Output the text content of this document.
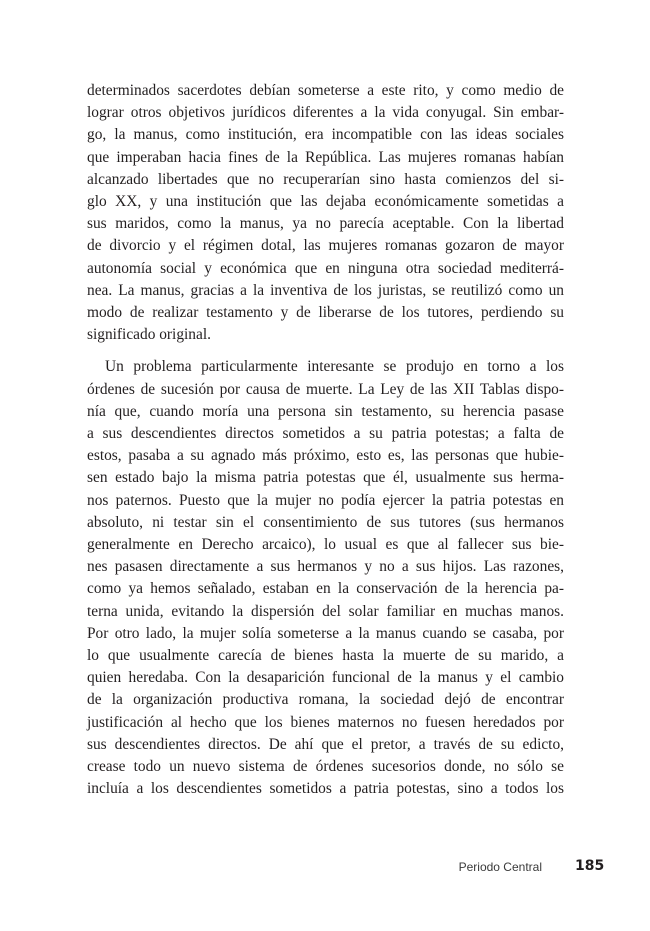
determinados sacerdotes debían someterse a este rito, y como medio de
lograr otros objetivos jurídicos diferentes a la vida conyugal. Sin embar-
go, la manus, como institución, era incompatible con las ideas sociales
que imperaban hacia fines de la República. Las mujeres romanas habían
alcanzado libertades que no recuperarían sino hasta comienzos del si-
glo XX, y una institución que las dejaba económicamente sometidas a
sus maridos, como la manus, ya no parecía aceptable. Con la libertad
de divorcio y el régimen dotal, las mujeres romanas gozaron de mayor
autonomía social y económica que en ninguna otra sociedad mediterrá-
nea. La manus, gracias a la inventiva de los juristas, se reutilizó como un
modo de realizar testamento y de liberarse de los tutores, perdiendo su
significado original.

Un problema particularmente interesante se produjo en torno a los
órdenes de sucesión por causa de muerte. La Ley de las XII Tablas dispo-
nía que, cuando moría una persona sin testamento, su herencia pasase
a sus descendientes directos sometidos a su patria potestas; a falta de
estos, pasaba a su agnado más próximo, esto es, las personas que hubie-
sen estado bajo la misma patria potestas que él, usualmente sus herma-
nos paternos. Puesto que la mujer no podía ejercer la patria potestas en
absoluto, ni testar sin el consentimiento de sus tutores (sus hermanos
generalmente en Derecho arcaico), lo usual es que al fallecer sus bie-
nes pasasen directamente a sus hermanos y no a sus hijos. Las razones,
como ya hemos señalado, estaban en la conservación de la herencia pa-
terna unida, evitando la dispersión del solar familiar en muchas manos.
Por otro lado, la mujer solía someterse a la manus cuando se casaba, por
lo que usualmente carecía de bienes hasta la muerte de su marido, a
quien heredaba. Con la desaparición funcional de la manus y el cambio
de la organización productiva romana, la sociedad dejó de encontrar
justificación al hecho que los bienes maternos no fuesen heredados por
sus descendientes directos. De ahí que el pretor, a través de su edicto,
crease todo un nuevo sistema de órdenes sucesorios donde, no sólo se
incluía a los descendientes sometidos a patria potestas, sino a todos los

Periodo Central 185
